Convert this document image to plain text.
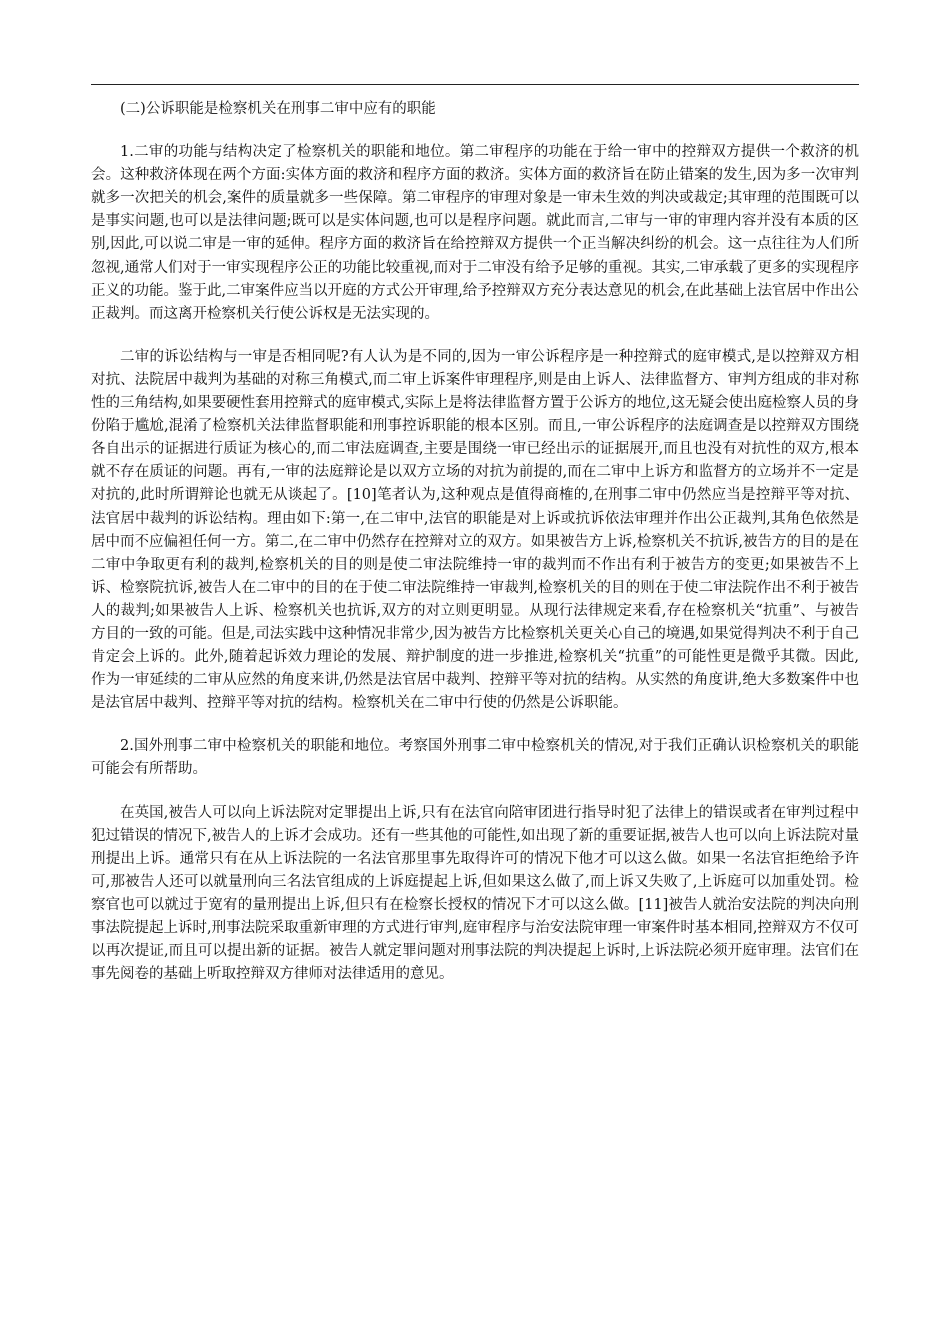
(二)公诉职能是检察机关在刑事二审中应有的职能

1.二审的功能与结构决定了检察机关的职能和地位。第二审程序的功能在于给一审中的控辩双方提供一个救济的机会。这种救济体现在两个方面:实体方面的救济和程序方面的救济。实体方面的救济旨在防止错案的发生,因为多一次审判就多一次把关的机会,案件的质量就多一些保障。第二审程序的审理对象是一审未生效的判决或裁定;其审理的范围既可以是事实问题,也可以是法律问题;既可以是实体问题,也可以是程序问题。就此而言,二审与一审的审理内容并没有本质的区别,因此,可以说二审是一审的延伸。程序方面的救济旨在给控辩双方提供一个正当解决纠纷的机会。这一点往往为人们所忽视,通常人们对于一审实现程序公正的功能比较重视,而对于二审没有给予足够的重视。其实,二审承载了更多的实现程序正义的功能。鉴于此,二审案件应当以开庭的方式公开审理,给予控辩双方充分表达意见的机会,在此基础上法官居中作出公正裁判。而这离开检察机关行使公诉权是无法实现的。

二审的诉讼结构与一审是否相同呢?有人认为是不同的,因为一审公诉程序是一种控辩式的庭审模式,是以控辩双方相对抗、法院居中裁判为基础的对称三角模式,而二审上诉案件审理程序,则是由上诉人、法律监督方、审判方组成的非对称性的三角结构,如果要硬性套用控辩式的庭审模式,实际上是将法律监督方置于公诉方的地位,这无疑会使出庭检察人员的身份陷于尴尬,混淆了检察机关法律监督职能和刑事控诉职能的根本区别。而且,一审公诉程序的法庭调查是以控辩双方围绕各自出示的证据进行质证为核心的,而二审法庭调查,主要是围绕一审已经出示的证据展开,而且也没有对抗性的双方,根本就不存在质证的问题。再有,一审的法庭辩论是以双方立场的对抗为前提的,而在二审中上诉方和监督方的立场并不一定是对抗的,此时所谓辩论也就无从谈起了。[10]笔者认为,这种观点是值得商榷的,在刑事二审中仍然应当是控辩平等对抗、法官居中裁判的诉讼结构。理由如下:第一,在二审中,法官的职能是对上诉或抗诉依法审理并作出公正裁判,其角色依然是居中而不应偏袒任何一方。第二,在二审中仍然存在控辩对立的双方。如果被告方上诉,检察机关不抗诉,被告方的目的是在二审中争取更有利的裁判,检察机关的目的则是使二审法院维持一审的裁判而不作出有利于被告方的变更;如果被告不上诉、检察院抗诉,被告人在二审中的目的在于使二审法院维持一审裁判,检察机关的目的则在于使二审法院作出不利于被告人的裁判;如果被告人上诉、检察机关也抗诉,双方的对立则更明显。从现行法律规定来看,存在检察机关“抗重”、与被告方目的一致的可能。但是,司法实践中这种情况非常少,因为被告方比检察机关更关心自己的境遇,如果觉得判决不利于自己肯定会上诉的。此外,随着起诉效力理论的发展、辩护制度的进一步推进,检察机关“抗重”的可能性更是微乎其微。因此,作为一审延续的二审从应然的角度来讲,仍然是法官居中裁判、控辩平等对抗的结构。从实然的角度讲,绝大多数案件中也是法官居中裁判、控辩平等对抗的结构。检察机关在二审中行使的仍然是公诉职能。

2.国外刑事二审中检察机关的职能和地位。考察国外刑事二审中检察机关的情况,对于我们正确认识检察机关的职能可能会有所帮助。

在英国,被告人可以向上诉法院对定罪提出上诉,只有在法官向陪审团进行指导时犯了法律上的错误或者在审判过程中犯过错误的情况下,被告人的上诉才会成功。还有一些其他的可能性,如出现了新的重要证据,被告人也可以向上诉法院对量刑提出上诉。通常只有在从上诉法院的一名法官那里事先取得许可的情况下他才可以这么做。如果一名法官拒绝给予许可,那被告人还可以就量刑向三名法官组成的上诉庭提起上诉,但如果这么做了,而上诉又失败了,上诉庭可以加重处罚。检察官也可以就过于宽宥的量刑提出上诉,但只有在检察长授权的情况下才可以这么做。[11]被告人就治安法院的判决向刑事法院提起上诉时,刑事法院采取重新审理的方式进行审判,庭审程序与治安法院审理一审案件时基本相同,控辩双方不仅可以再次提证,而且可以提出新的证据。被告人就定罪问题对刑事法院的判决提起上诉时,上诉法院必须开庭审理。法官们在事先阅卷的基础上听取控辩双方律师对法律适用的意见。
